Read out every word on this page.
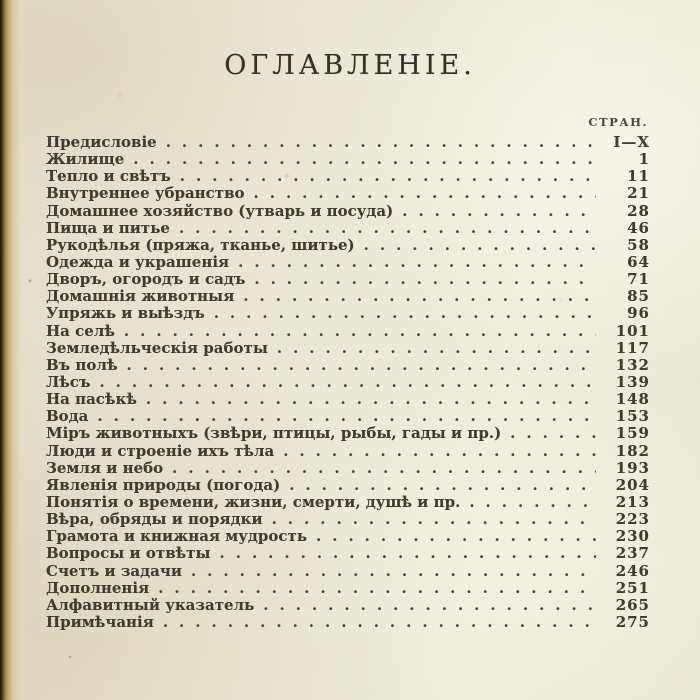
ОГЛАВЛЕНІЕ.
СТРАН.
Предисловіе .....	I—X
Жилище .....	1
Тепло и свѣтъ .....	11
Внутреннее убранство .....	21
Домашнее хозяйство (утварь и посуда) .....	28
Пища и питье .....	46
Рукодѣлья (пряжа, тканье, шитье) .....	58
Одежда и украшенія .....	64
Дворъ, огородъ и садъ .....	71
Домашнія животныя .....	85
Упряжь и выѣздъ .....	96
На селѣ .....	101
Земледѣльческія работы .....	117
Въ полѣ .....	132
Лѣсъ .....	139
На пасѣкѣ .....	148
Вода .....	153
Міръ животныхъ (звѣри, птицы, рыбы, гады и пр.) .....	159
Люди и строеніе ихъ тѣла .....	182
Земля и небо .....	193
Явленія природы (погода) .....	204
Понятія о времени, жизни, смерти, душѣ и пр. .....	213
Вѣра, обряды и порядки .....	223
Грамота и книжная мудрость .....	230
Вопросы и отвѣты .....	237
Счетъ и задачи .....	246
Дополненія .....	251
Алфавитный указатель .....	265
Примѣчанія .....	275
